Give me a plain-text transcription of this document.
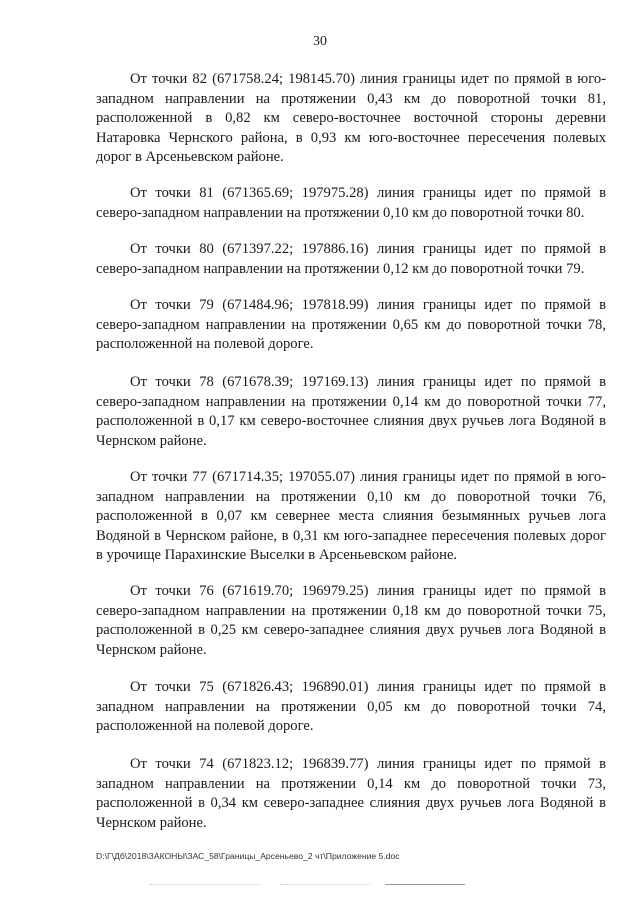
30

От точки 82 (671758.24; 198145.70) линия границы идет по прямой в юго-западном направлении на протяжении 0,43 км до поворотной точки 81, расположенной в 0,82 км северо-восточнее восточной стороны деревни Натаровка Чернского района, в 0,93 км юго-восточнее пересечения полевых дорог в Арсеньевском районе.

От точки 81 (671365.69; 197975.28) линия границы идет по прямой в северо-западном направлении на протяжении 0,10 км до поворотной точки 80.

От точки 80 (671397.22; 197886.16) линия границы идет по прямой в северо-западном направлении на протяжении 0,12 км до поворотной точки 79.

От точки 79 (671484.96; 197818.99) линия границы идет по прямой в северо-западном направлении на протяжении 0,65 км до поворотной точки 78, расположенной на полевой дороге.

От точки 78 (671678.39; 197169.13) линия границы идет по прямой в северо-западном направлении на протяжении 0,14 км до поворотной точки 77, расположенной в 0,17 км северо-восточнее слияния двух ручьев лога Водяной в Чернском районе.

От точки 77 (671714.35; 197055.07) линия границы идет по прямой в юго-западном направлении на протяжении 0,10 км до поворотной точки 76, расположенной в 0,07 км севернее места слияния безымянных ручьев лога Водяной в Чернском районе, в 0,31 км юго-западнее пересечения полевых дорог в урочище Парахинские Выселки в Арсеньевском районе.

От точки 76 (671619.70; 196979.25) линия границы идет по прямой в северо-западном направлении на протяжении 0,18 км до поворотной точки 75, расположенной в 0,25 км северо-западнее слияния двух ручьев лога Водяной в Чернском районе.

От точки 75 (671826.43; 196890.01) линия границы идет по прямой в западном направлении на протяжении 0,05 км до поворотной точки 74, расположенной на полевой дороге.

От точки 74 (671823.12; 196839.77) линия границы идет по прямой в западном направлении на протяжении 0,14 км до поворотной точки 73, расположенной в 0,34 км северо-западнее слияния двух ручьев лога Водяной в Чернском районе.

D:\Г\Дб\2018\ЗАКОНЫ\ЗАС_58\Границы_Арсеньево_2 чт\Приложение 5.doc
